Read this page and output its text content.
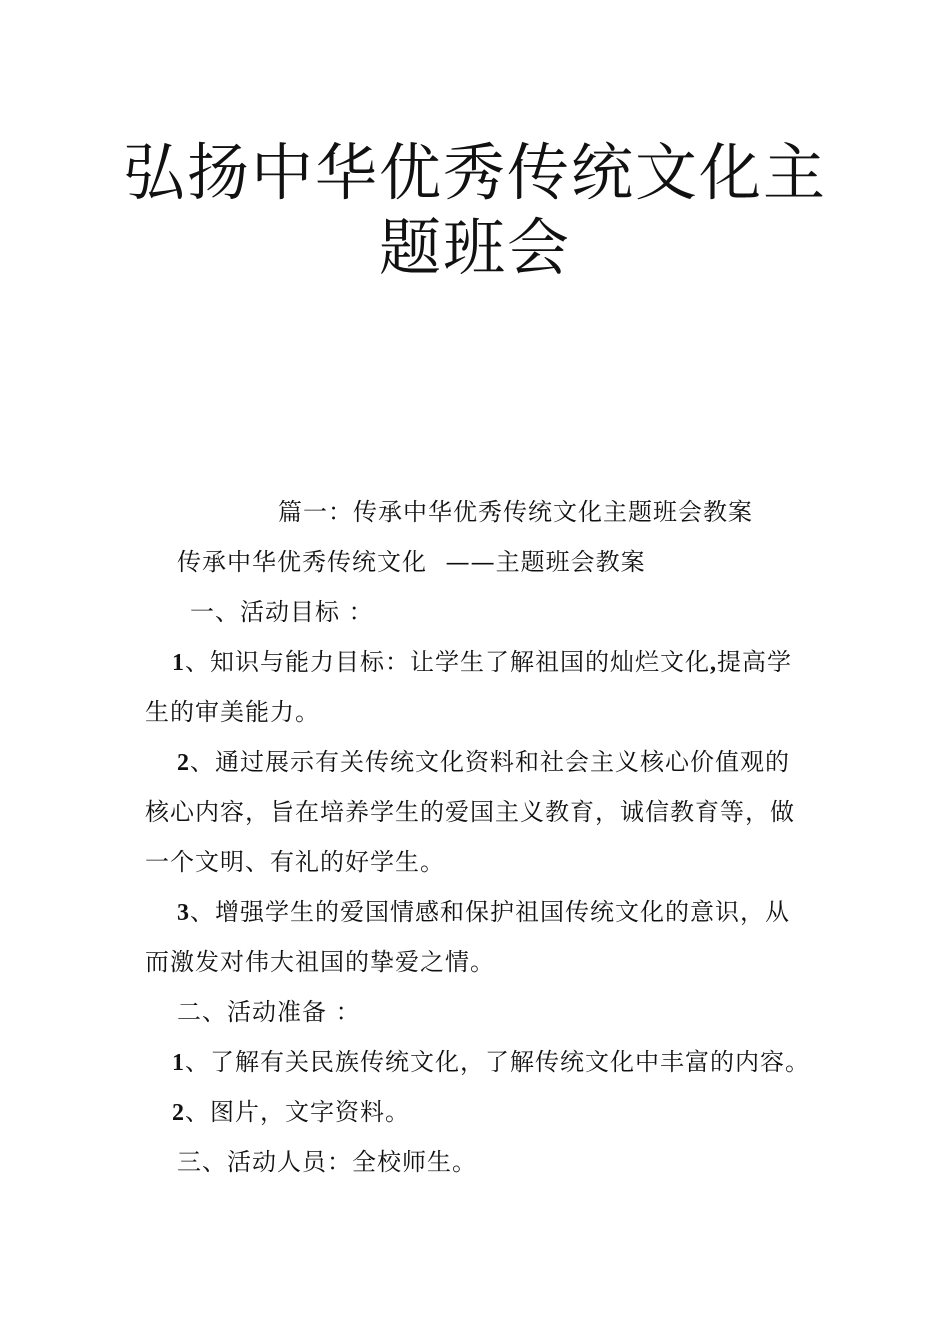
弘扬中华优秀传统文化主
题班会
篇一：传承中华优秀传统文化主题班会教案
传承中华优秀传统文化 ——主题班会教案
一、活动目标 ：
1、知识与能力目标：让学生了解祖国的灿烂文化,提高学
生的审美能力。
2、通过展示有关传统文化资料和社会主义核心价值观的
核心内容，旨在培养学生的爱国主义教育，诚信教育等，做
一个文明、有礼的好学生。
3、增强学生的爱国情感和保护祖国传统文化的意识，从
而激发对伟大祖国的挚爱之情。
二、活动准备 ：
1、了解有关民族传统文化，了解传统文化中丰富的内容。
2、图片，文字资料。
三、活动人员：全校师生。
